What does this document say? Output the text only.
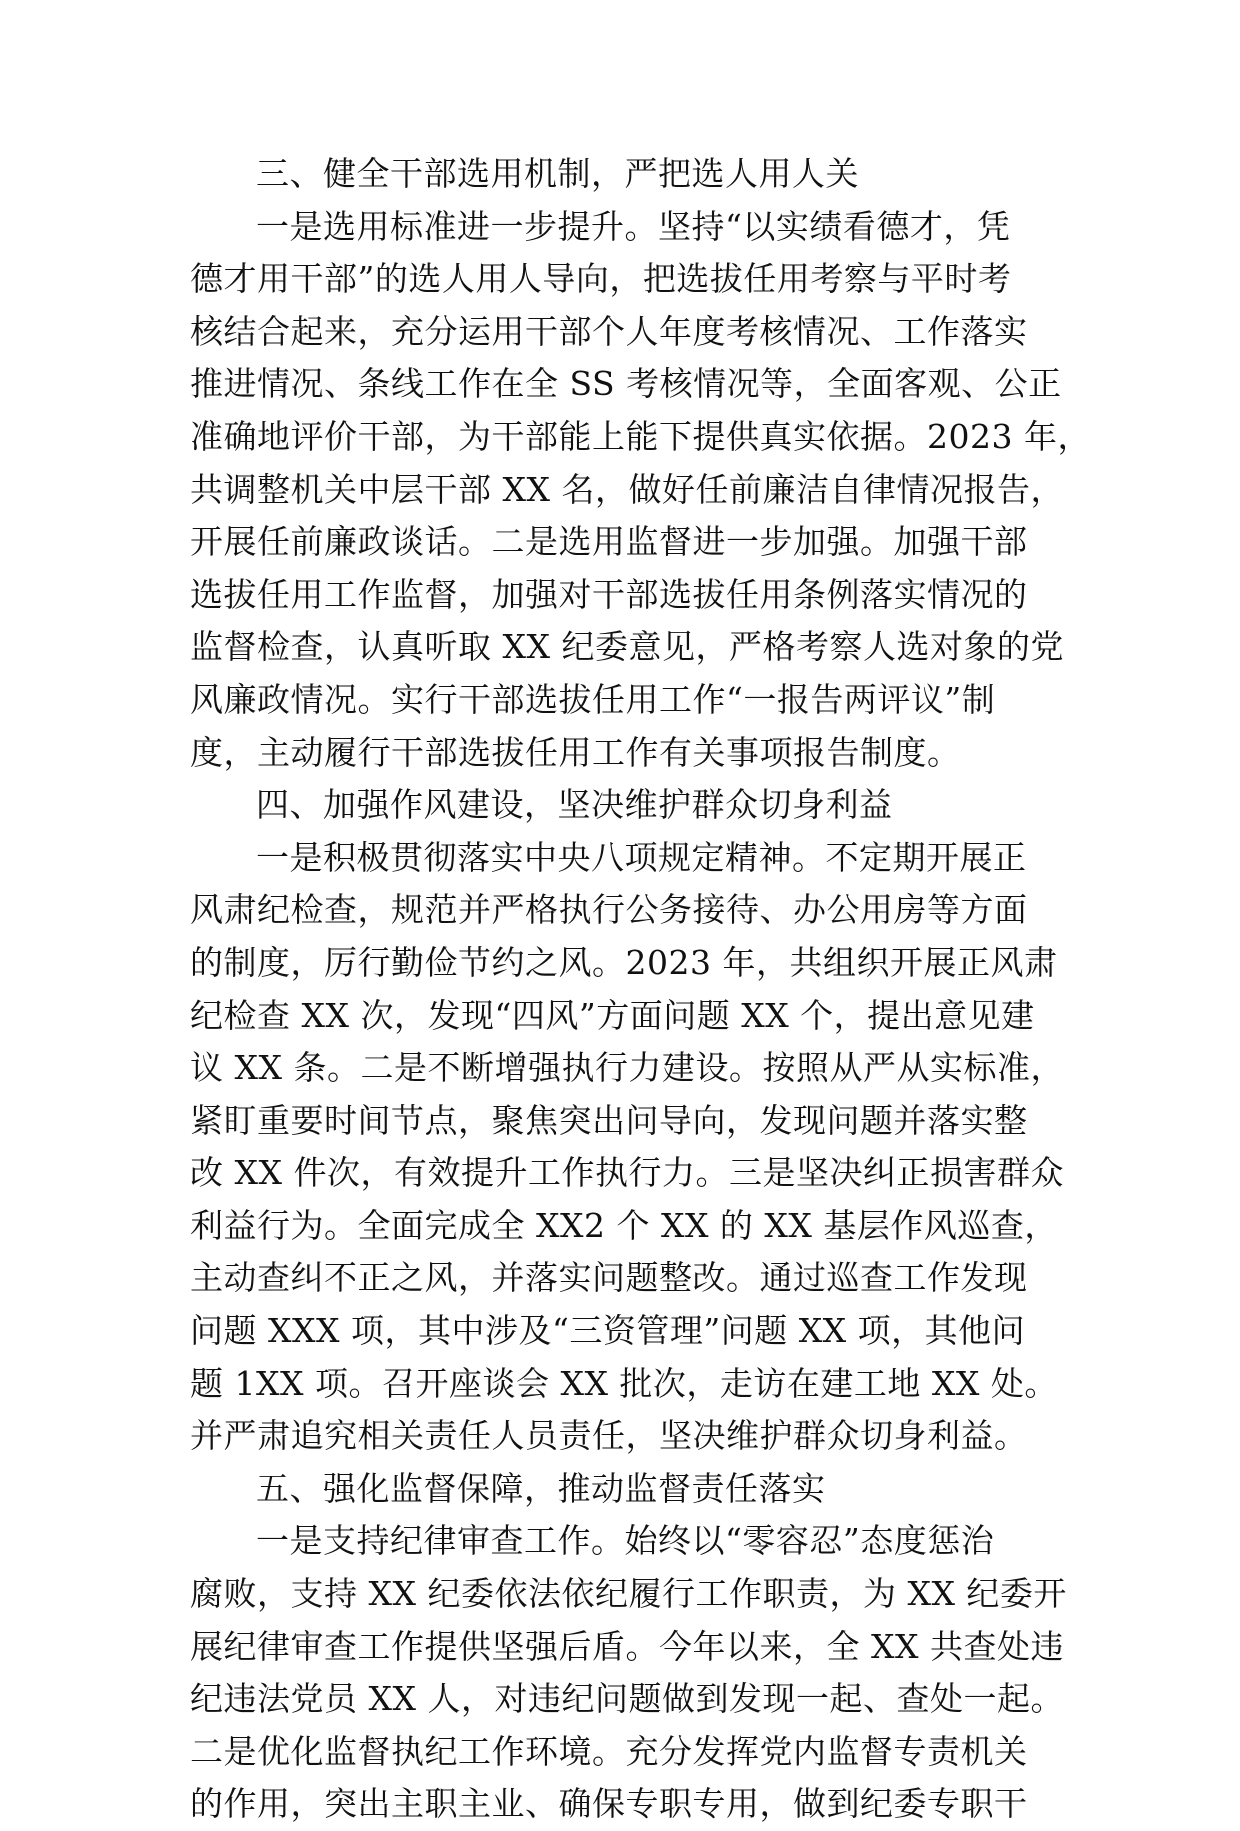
三、健全干部选用机制，严把选人用人关
一是选用标准进一步提升。坚持“以实绩看德才，凭
德才用干部”的选人用人导向，把选拔任用考察与平时考
核结合起来，充分运用干部个人年度考核情况、工作落实
推进情况、条线工作在全 SS 考核情况等，全面客观、公正
准确地评价干部，为干部能上能下提供真实依据。2023 年，
共调整机关中层干部 XX 名，做好任前廉洁自律情况报告，
开展任前廉政谈话。二是选用监督进一步加强。加强干部
选拔任用工作监督，加强对干部选拔任用条例落实情况的
监督检查，认真听取 XX 纪委意见，严格考察人选对象的党
风廉政情况。实行干部选拔任用工作“一报告两评议”制
度，主动履行干部选拔任用工作有关事项报告制度。
四、加强作风建设，坚决维护群众切身利益
一是积极贯彻落实中央八项规定精神。不定期开展正
风肃纪检查，规范并严格执行公务接待、办公用房等方面
的制度，厉行勤俭节约之风。2023 年，共组织开展正风肃
纪检查 XX 次，发现“四风”方面问题 XX 个，提出意见建
议 XX 条。二是不断增强执行力建设。按照从严从实标准，
紧盯重要时间节点，聚焦突出问导向，发现问题并落实整
改 XX 件次，有效提升工作执行力。三是坚决纠正损害群众
利益行为。全面完成全 XX2 个 XX 的 XX 基层作风巡查，
主动查纠不正之风，并落实问题整改。通过巡查工作发现
问题 XXX 项，其中涉及“三资管理”问题 XX 项，其他问
题 1XX 项。召开座谈会 XX 批次，走访在建工地 XX 处。
并严肃追究相关责任人员责任，坚决维护群众切身利益。
五、强化监督保障，推动监督责任落实
一是支持纪律审查工作。始终以“零容忍”态度惩治
腐败，支持 XX 纪委依法依纪履行工作职责，为 XX 纪委开
展纪律审查工作提供坚强后盾。今年以来，全 XX 共查处违
纪违法党员 XX 人，对违纪问题做到发现一起、查处一起。
二是优化监督执纪工作环境。充分发挥党内监督专责机关
的作用，突出主职主业、确保专职专用，做到纪委专职干
